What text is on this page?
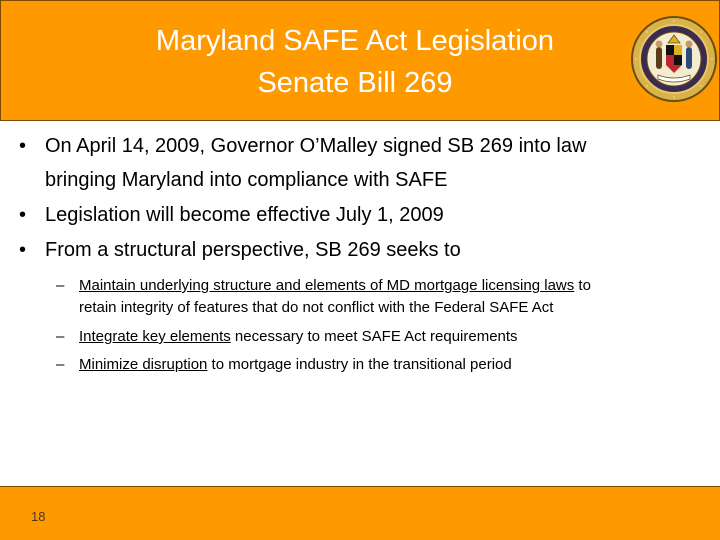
Maryland SAFE Act Legislation
Senate Bill 269
• On April 14, 2009, Governor O’Malley signed SB 269 into law
bringing Maryland into compliance with SAFE
• Legislation will become effective July 1, 2009
• From a structural perspective, SB 269 seeks to
– Maintain underlying structure and elements of MD mortgage licensing laws to
retain integrity of features that do not conflict with the Federal SAFE Act
– Integrate key elements necessary to meet SAFE Act requirements
– Minimize disruption to mortgage industry in the transitional period
18
